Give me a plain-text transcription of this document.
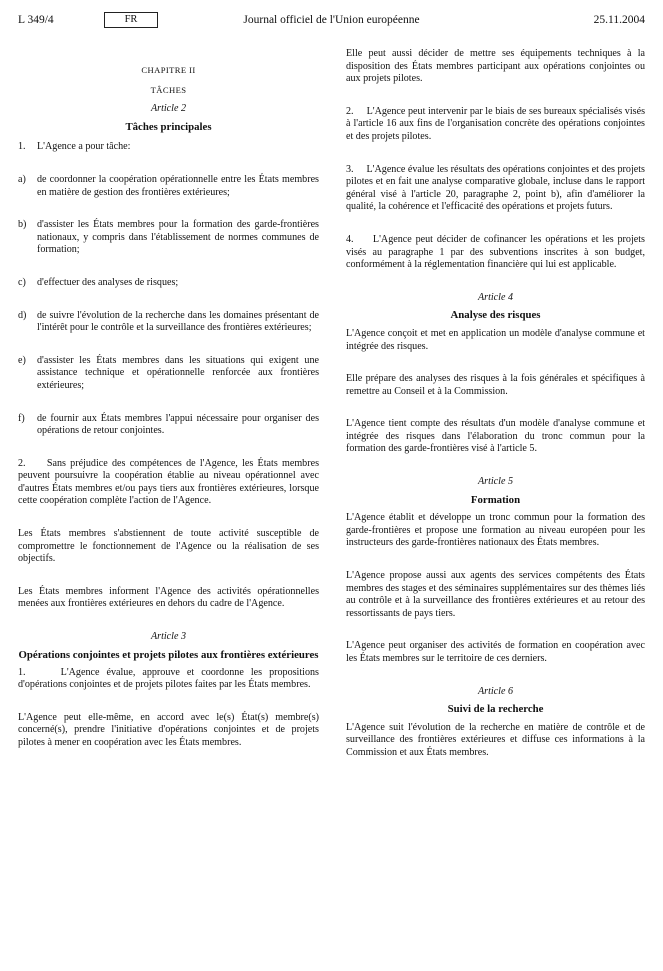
L 349/4	FR	Journal officiel de l'Union européenne	25.11.2004
CHAPITRE II
TÂCHES
Article 2
Tâches principales
1.	L'Agence a pour tâche:
a)	de coordonner la coopération opérationnelle entre les États membres en matière de gestion des frontières extérieures;
b)	d'assister les États membres pour la formation des garde-frontières nationaux, y compris dans l'établissement de normes communes de formation;
c)	d'effectuer des analyses de risques;
d)	de suivre l'évolution de la recherche dans les domaines présentant de l'intérêt pour le contrôle et la surveillance des frontières extérieures;
e)	d'assister les États membres dans les situations qui exigent une assistance technique et opérationnelle renforcée aux frontières extérieures;
f)	de fournir aux États membres l'appui nécessaire pour organiser des opérations de retour conjointes.

2.     Sans préjudice des compétences de l'Agence, les États membres peuvent poursuivre la coopération établie au niveau opérationnel avec d'autres États membres et/ou pays tiers aux frontières extérieures, lorsque cette coopération complète l'action de l'Agence.

Les États membres s'abstiennent de toute activité susceptible de compromettre le fonctionnement de l'Agence ou la réalisation de ses objectifs.

Les États membres informent l'Agence des activités opérationnelles menées aux frontières extérieures en dehors du cadre de l'Agence.

Article 3
Opérations conjointes et projets pilotes aux frontières extérieures

1.     L'Agence évalue, approuve et coordonne les propositions d'opérations conjointes et de projets pilotes faites par les États membres.

L'Agence peut elle-même, en accord avec le(s) État(s) membre(s) concerné(s), prendre l'initiative d'opérations conjointes et de projets pilotes à mener en coopération avec les États membres.

Elle peut aussi décider de mettre ses équipements techniques à la disposition des États membres participant aux opérations conjointes ou aux projets pilotes.

2.     L'Agence peut intervenir par le biais de ses bureaux spécialisés visés à l'article 16 aux fins de l'organisation concrète des opérations conjointes et des projets pilotes.

3.     L'Agence évalue les résultats des opérations conjointes et des projets pilotes et en fait une analyse comparative globale, incluse dans le rapport général visé à l'article 20, paragraphe 2, point b), afin d'améliorer la qualité, la cohérence et l'efficacité des opérations et projets futurs.

4.     L'Agence peut décider de cofinancer les opérations et les projets visés au paragraphe 1 par des subventions inscrites à son budget, conformément à la réglementation financière qui lui est applicable.

Article 4
Analyse des risques

L'Agence conçoit et met en application un modèle d'analyse commune et intégrée des risques.

Elle prépare des analyses des risques à la fois générales et spécifiques à remettre au Conseil et à la Commission.

L'Agence tient compte des résultats d'un modèle d'analyse commune et intégrée des risques dans l'élaboration du tronc commun pour la formation des garde-frontières visé à l'article 5.

Article 5
Formation

L'Agence établit et développe un tronc commun pour la formation des garde-frontières et propose une formation au niveau européen pour les instructeurs des garde-frontières nationaux des États membres.

L'Agence propose aussi aux agents des services compétents des États membres des stages et des séminaires supplémentaires sur des thèmes liés au contrôle et à la surveillance des frontières extérieures et au retour des ressortissants de pays tiers.

L'Agence peut organiser des activités de formation en coopération avec les États membres sur le territoire de ces derniers.

Article 6
Suivi de la recherche

L'Agence suit l'évolution de la recherche en matière de contrôle et de surveillance des frontières extérieures et diffuse ces informations à la Commission et aux États membres.
